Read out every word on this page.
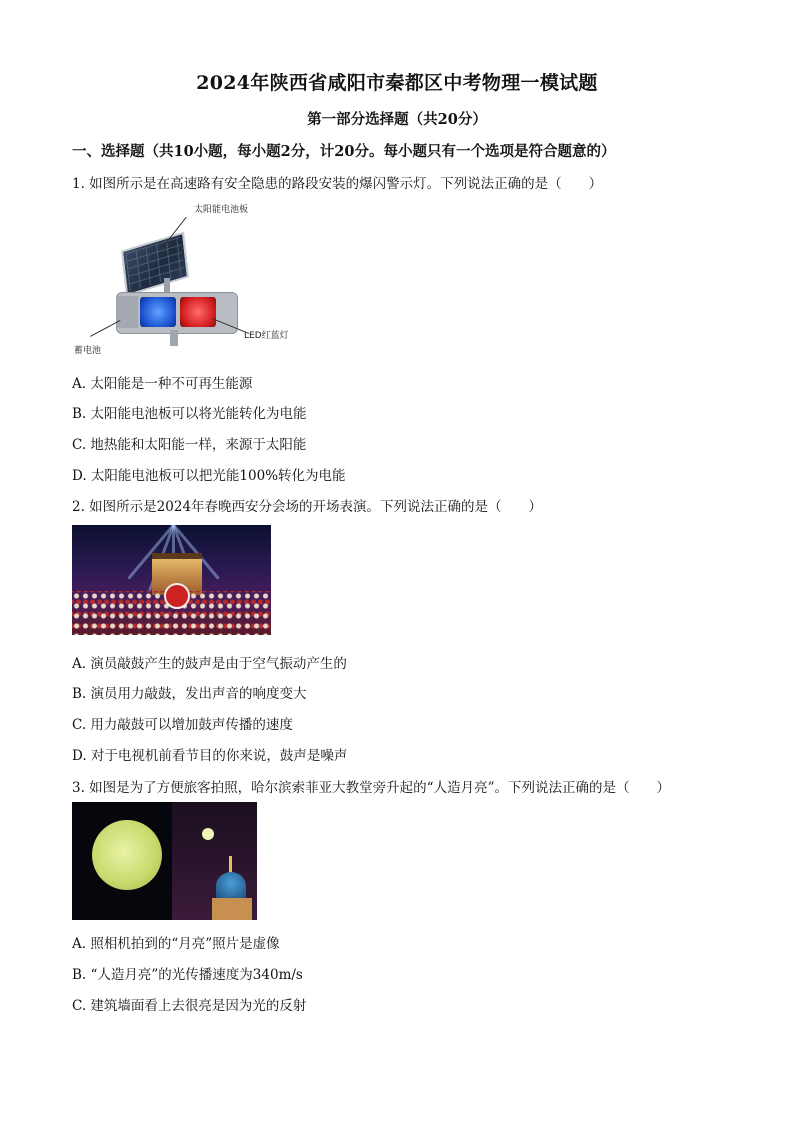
2024年陕西省咸阳市秦都区中考物理一模试题
第一部分选择题（共20分）
一、选择题（共10小题，每小题2分，计20分。每小题只有一个选项是符合题意的）
1. 如图所示是在高速路有安全隐患的路段安装的爆闪警示灯。下列说法正确的是（　　）
太阳能电池板
LED红蓝灯
蓄电池
A. 太阳能是一种不可再生能源
B. 太阳能电池板可以将光能转化为电能
C. 地热能和太阳能一样，来源于太阳能
D. 太阳能电池板可以把光能100%转化为电能
2. 如图所示是2024年春晚西安分会场的开场表演。下列说法正确的是（　　）
A. 演员敲鼓产生的鼓声是由于空气振动产生的
B. 演员用力敲鼓，发出声音的响度变大
C. 用力敲鼓可以增加鼓声传播的速度
D. 对于电视机前看节目的你来说，鼓声是噪声
3. 如图是为了方便旅客拍照，哈尔滨索菲亚大教堂旁升起的“人造月亮”。下列说法正确的是（　　）
A. 照相机拍到的“月亮”照片是虚像
B. “人造月亮”的光传播速度为340m/s
C. 建筑墙面看上去很亮是因为光的反射
